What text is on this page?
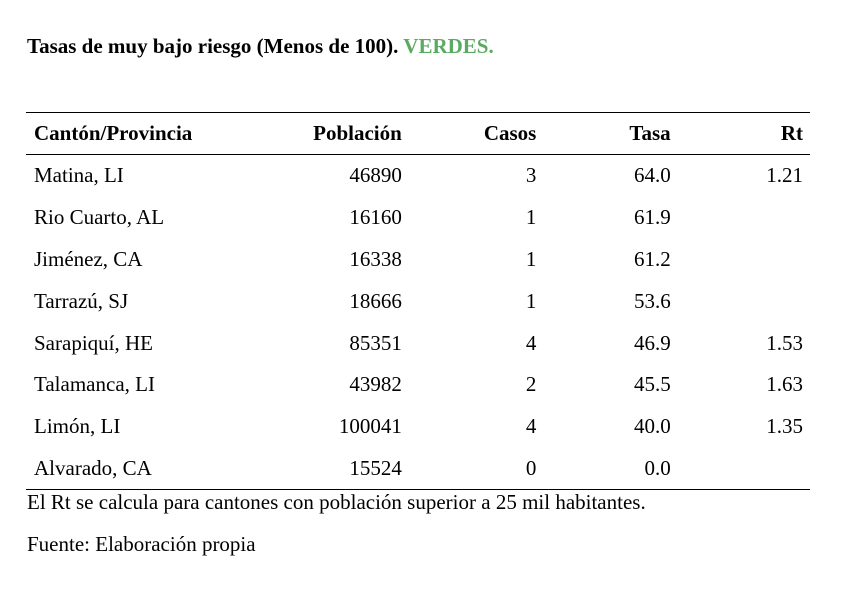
Tasas de muy bajo riesgo (Menos de 100). VERDES.
Cantón/Provincia	Población	Casos	Tasa	Rt
Matina, LI	46890	3	64.0	1.21
Rio Cuarto, AL	16160	1	61.9	
Jiménez, CA	16338	1	61.2	
Tarrazú, SJ	18666	1	53.6	
Sarapiquí, HE	85351	4	46.9	1.53
Talamanca, LI	43982	2	45.5	1.63
Limón, LI	100041	4	40.0	1.35
Alvarado, CA	15524	0	0.0	
El Rt se calcula para cantones con población superior a 25 mil habitantes.
Fuente: Elaboración propia
